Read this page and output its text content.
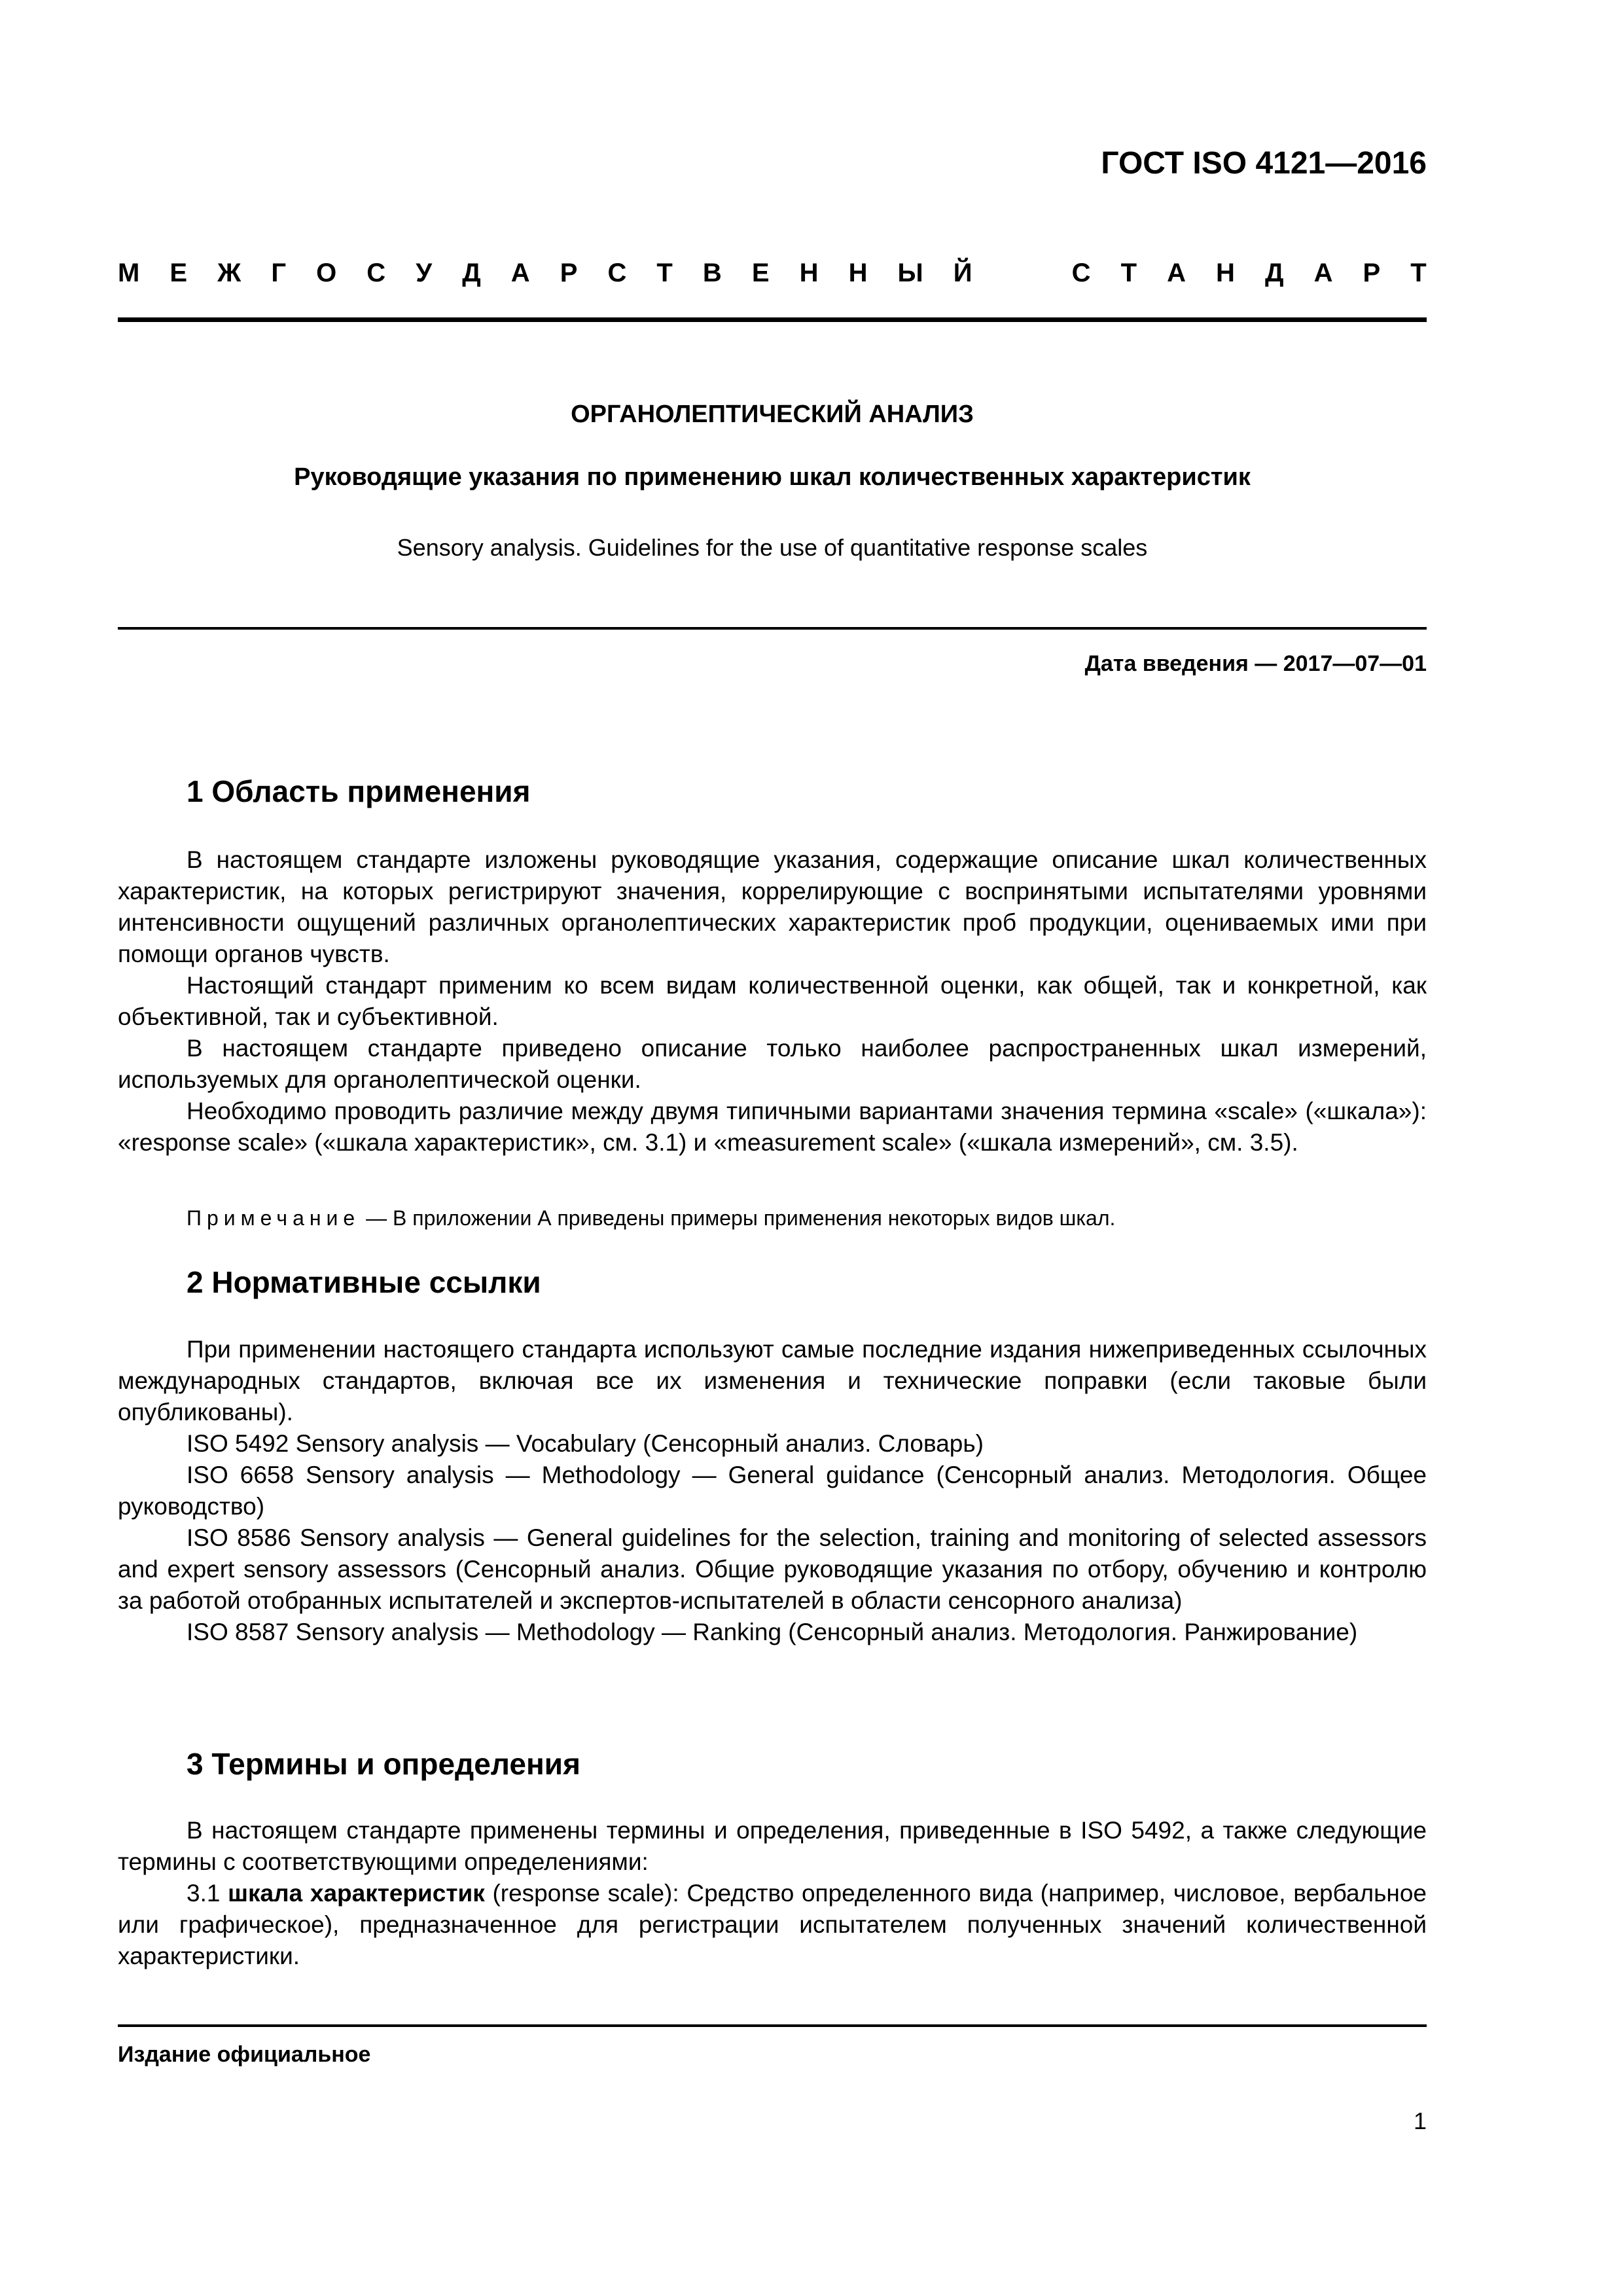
ГОСТ ISO 4121—2016
М Е Ж Г О С У Д А Р С Т В Е Н Н Ы Й	С Т А Н Д А Р Т
ОРГАНОЛЕПТИЧЕСКИЙ АНАЛИЗ
Руководящие указания по применению шкал количественных характеристик
Sensory analysis. Guidelines for the use of quantitative response scales
Дата введения — 2017—07—01
1 Область применения

В настоящем стандарте изложены руководящие указания, содержащие описание шкал количественных характеристик, на которых регистрируют значения, коррелирующие с воспринятыми испытателями уровнями интенсивности ощущений различных органолептических характеристик проб продукции, оцениваемых ими при помощи органов чувств.

Настоящий стандарт применим ко всем видам количественной оценки, как общей, так и конкретной, как объективной, так и субъективной.

В настоящем стандарте приведено описание только наиболее распространенных шкал измерений, используемых для органолептической оценки.

Необходимо проводить различие между двумя типичными вариантами значения термина «scale» («шкала»): «response scale» («шкала характеристик», см. 3.1) и «measurement scale» («шкала измерений», см. 3.5).

Примечание — В приложении А приведены примеры применения некоторых видов шкал.
2 Нормативные ссылки

При применении настоящего стандарта используют самые последние издания нижеприведенных ссылочных международных стандартов, включая все их изменения и технические поправки (если таковые были опубликованы).

ISO 5492 Sensory analysis — Vocabulary (Сенсорный анализ. Словарь)

ISO 6658 Sensory analysis — Methodology — General guidance (Сенсорный анализ. Методология. Общее руководство)

ISO 8586 Sensory analysis — General guidelines for the selection, training and monitoring of selected assessors and expert sensory assessors (Сенсорный анализ. Общие руководящие указания по отбору, обучению и контролю за работой отобранных испытателей и экспертов-испытателей в области сенсорного анализа)

ISO 8587 Sensory analysis — Methodology — Ranking (Сенсорный анализ. Методология. Ранжирование)

3 Термины и определения

В настоящем стандарте применены термины и определения, приведенные в ISO 5492, а также следующие термины с соответствующими определениями:

3.1 шкала характеристик (response scale): Средство определенного вида (например, числовое, вербальное или графическое), предназначенное для регистрации испытателем полученных значений количественной характеристики.

Издание официальное
1
